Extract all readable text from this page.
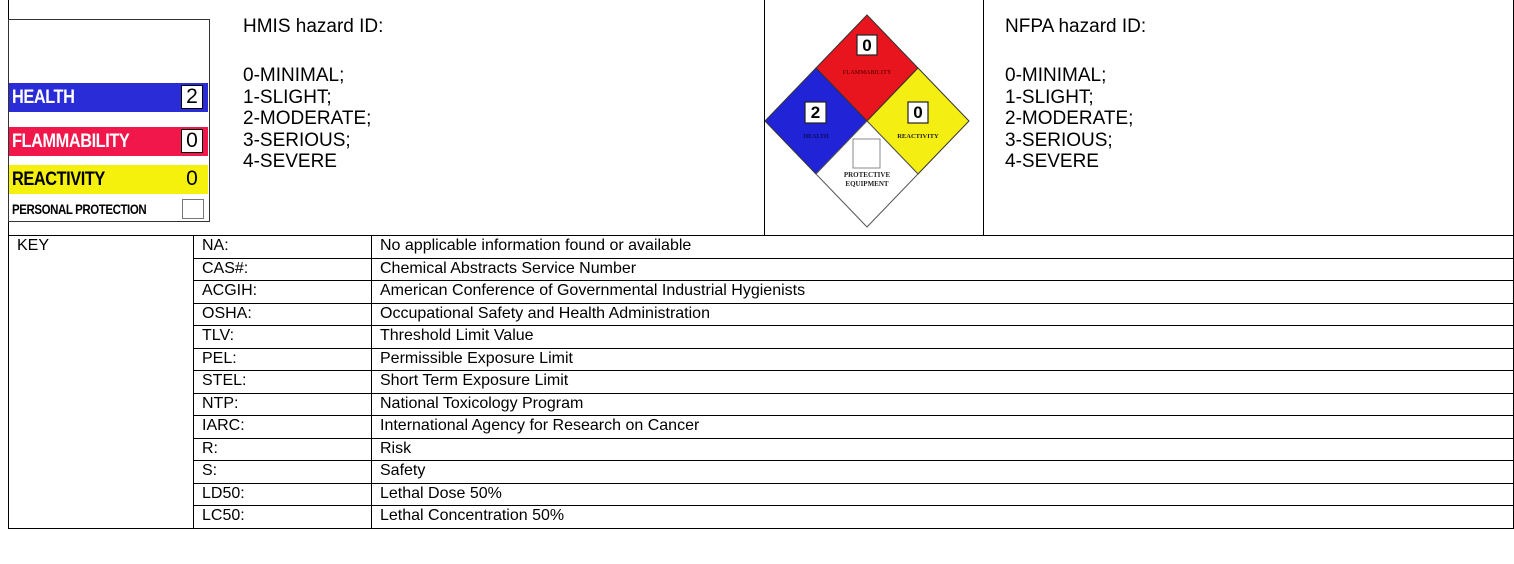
HEALTH	2
FLAMMABILITY	0
REACTIVITY	0
PERSONAL PROTECTION
HMIS hazard ID:
0-MINIMAL;
1-SLIGHT;
2-MODERATE;
3-SERIOUS;
4-SEVERE
0
FLAMMABILITY
2
HEALTH
0
REACTIVITY
PROTECTIVE
EQUIPMENT
NFPA hazard ID:
0-MINIMAL;
1-SLIGHT;
2-MODERATE;
3-SERIOUS;
4-SEVERE
KEY	NA:	No applicable information found or available
	CAS#:	Chemical Abstracts Service Number
	ACGIH:	American Conference of Governmental Industrial Hygienists
	OSHA:	Occupational Safety and Health Administration
	TLV:	Threshold Limit Value
	PEL:	Permissible Exposure Limit
	STEL:	Short Term Exposure Limit
	NTP:	National Toxicology Program
	IARC:	International Agency for Research on Cancer
	R:	Risk
	S:	Safety
	LD50:	Lethal Dose 50%
	LC50:	Lethal Concentration 50%
